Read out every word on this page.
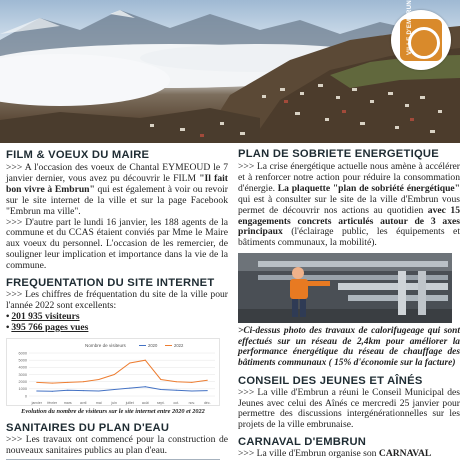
VILLE D'EMBRUN
FILM & VOEUX DU MAIRE

>>> A l'occasion des voeux de Chantal EYMEOUD le 7 janvier dernier, vous avez pu découvrir le FILM "Il fait bon vivre à Embrun" qui est également à voir ou revoir sur le site internet de la ville et sur la page Facebook "Embrun ma ville".

>>> D'autre part le lundi 16 janvier, les 188 agents de la commune et du CCAS étaient conviés par Mme le Maire aux voeux du personnel. L'occasion de les remercier, de souligner leur implication et importance dans la vie de la commune.

FREQUENTATION DU SITE INTERNET

>>> Les chiffres de fréquentation du site de la ville pour l'année 2022 sont excellents:

• 201 935 visiteurs
• 395 766 pages vues
Nombre de visiteurs	2020	2022
0
1000
2000
3000
4000
5000
6000
janvier février mars avril	mai	juin	juillet août sept.	oct.	nov.	déc.
Evolution du nombre de visiteurs sur le site internet entre 2020 et 2022
SANITAIRES DU PLAN D'EAU

>>> Les travaux ont commencé pour la construction de nouveaux sanitaires publics au plan d'eau.

PLAN DE SOBRIETE ENERGETIQUE

>>> La crise énergétique actuelle nous amène à accélérer et à renforcer notre action pour réduire la consommation d'énergie. La plaquette "plan de sobriété énergétique" qui est à consulter sur le site de la ville d'Embrun vous permet de découvrir nos actions au quotidien avec 15 engagements concrets articulés autour de 3 axes principaux (l'éclairage public, les équipements et bâtiments communaux, la mobilité).

>Ci-dessus photo des travaux de calorifugeage qui sont effectués sur un réseau de 2,4km pour améliorer la performance énergétique du réseau de chauffage des bâtiments communaux ( 15% d'économie sur la facture)

CONSEIL DES JEUNES ET AÎNÉS

>>> La ville d'Embrun a réuni le Conseil Municipal des Jeunes avec celui des Aînés ce mercredi 25 janvier pour permettre des discussions intergénérationnelles sur les projets de la ville embrunaise.

CARNAVAL D'EMBRUN

>>> La ville d'Embrun organise son CARNAVAL
